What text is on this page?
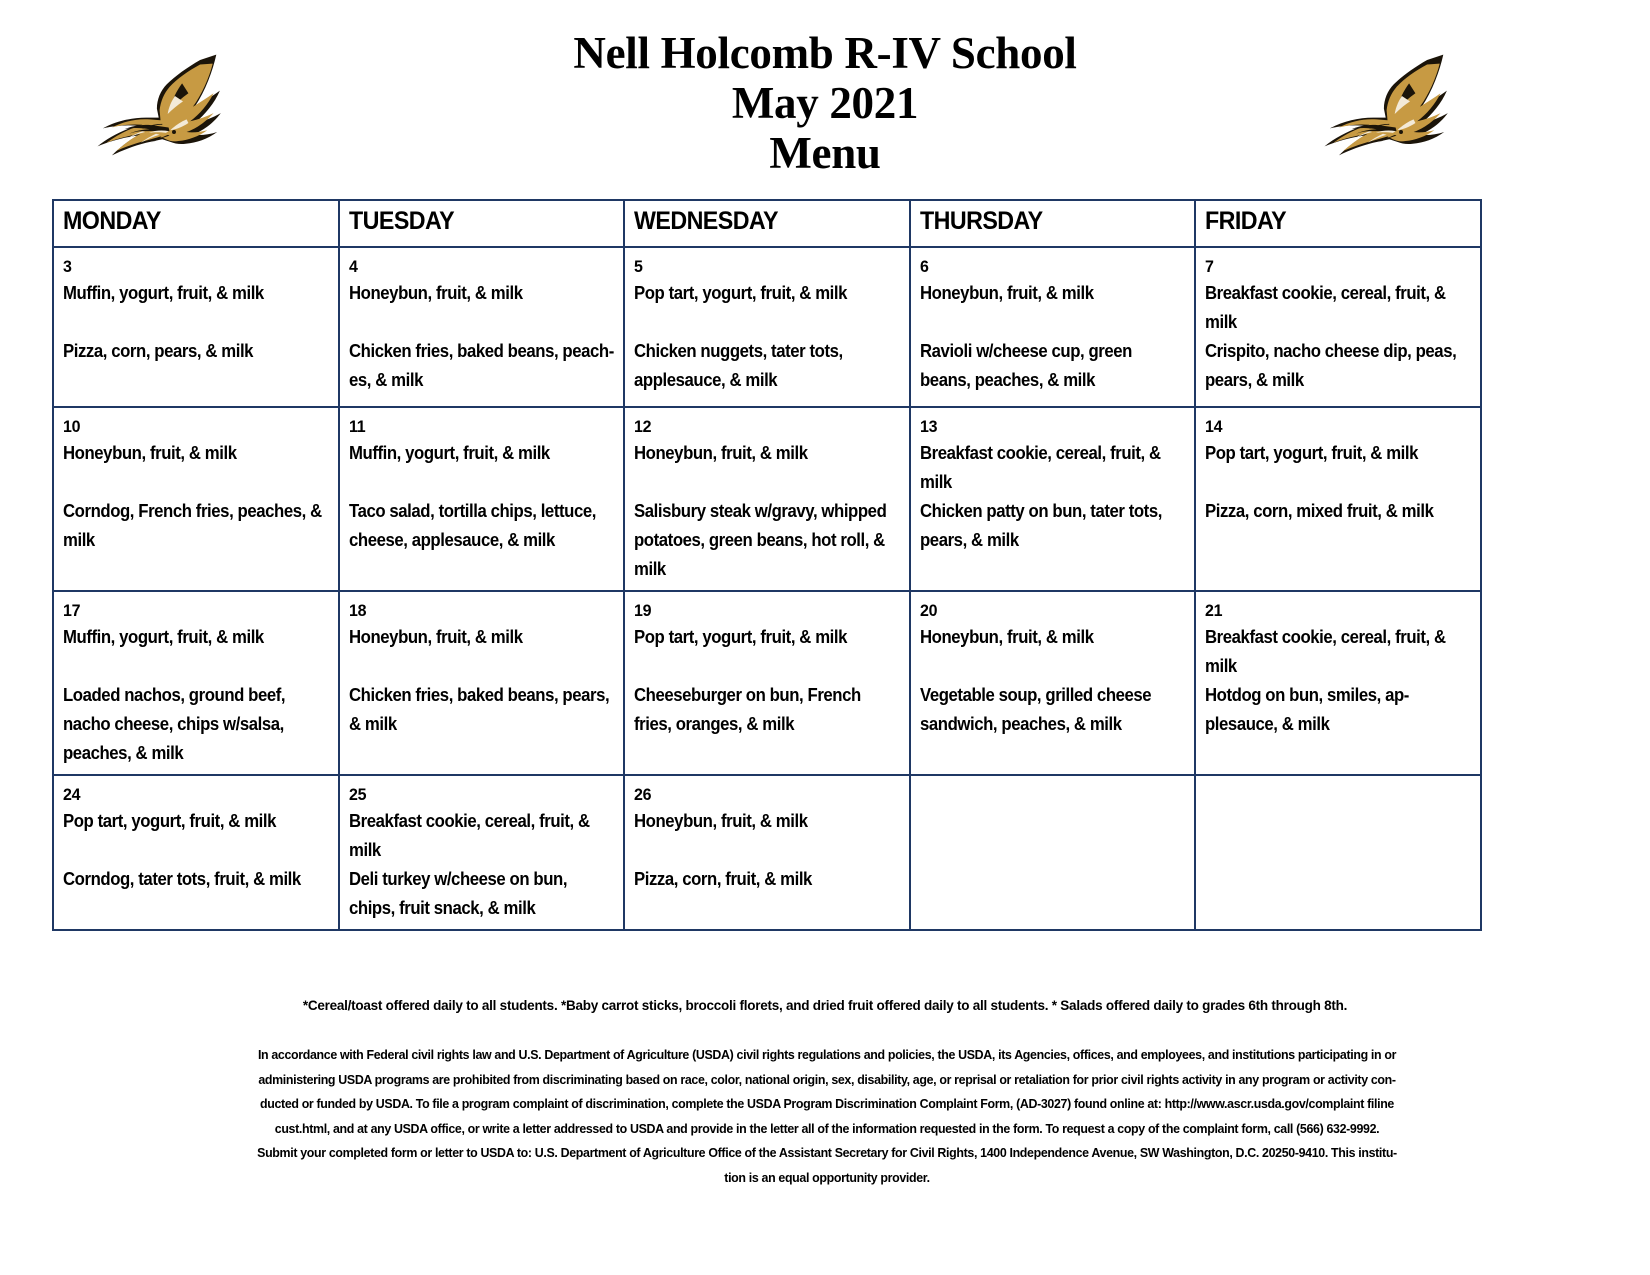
Nell Holcomb R-IV School
May 2021
Menu
MONDAY	TUESDAY	WEDNESDAY	THURSDAY	FRIDAY

3
Muffin, yogurt, fruit, & milk
Pizza, corn, pears, & milk	4
Honeybun, fruit, & milk
Chicken fries, baked beans, peach-es, & milk	5
Pop tart, yogurt, fruit, & milk
Chicken nuggets, tater tots, applesauce, & milk	6
Honeybun, fruit, & milk
Ravioli w/cheese cup, green beans, peaches, & milk	7
Breakfast cookie, cereal, fruit, & milk
Crispito, nacho cheese dip, peas, pears, & milk

10
Honeybun, fruit, & milk
Corndog, French fries, peaches, & milk	11
Muffin, yogurt, fruit, & milk
Taco salad, tortilla chips, lettuce, cheese, applesauce, & milk	12
Honeybun, fruit, & milk
Salisbury steak w/gravy, whipped potatoes, green beans, hot roll, & milk	13
Breakfast cookie, cereal, fruit, & milk
Chicken patty on bun, tater tots, pears, & milk	14
Pop tart, yogurt, fruit, & milk
Pizza, corn, mixed fruit, & milk

17
Muffin, yogurt, fruit, & milk
Loaded nachos, ground beef, nacho cheese, chips w/salsa, peaches, & milk	18
Honeybun, fruit, & milk
Chicken fries, baked beans, pears, & milk	19
Pop tart, yogurt, fruit, & milk
Cheeseburger on bun, French fries, oranges, & milk	20
Honeybun, fruit, & milk
Vegetable soup, grilled cheese sandwich, peaches, & milk	21
Breakfast cookie, cereal, fruit, & milk
Hotdog on bun, smiles, ap-plesauce, & milk

24
Pop tart, yogurt, fruit, & milk
Corndog, tater tots, fruit, & milk	25
Breakfast cookie, cereal, fruit, & milk
Deli turkey w/cheese on bun, chips, fruit snack, & milk	26
Honeybun, fruit, & milk
Pizza, corn, fruit, & milk		

*Cereal/toast offered daily to all students. *Baby carrot sticks, broccoli florets, and dried fruit offered daily to all students. * Salads offered daily to grades 6th through 8th.
In accordance with Federal civil rights law and U.S. Department of Agriculture (USDA) civil rights regulations and policies, the USDA, its Agencies, offices, and employees, and institutions participating in or
administering USDA programs are prohibited from discriminating based on race, color, national origin, sex, disability, age, or reprisal or retaliation for prior civil rights activity in any program or activity con-
ducted or funded by USDA. To file a program complaint of discrimination, complete the USDA Program Discrimination Complaint Form, (AD-3027) found online at: http://www.ascr.usda.gov/complaint filine
cust.html, and at any USDA office, or write a letter addressed to USDA and provide in the letter all of the information requested in the form. To request a copy of the complaint form, call (566) 632-9992.
Submit your completed form or letter to USDA to: U.S. Department of Agriculture Office of the Assistant Secretary for Civil Rights, 1400 Independence Avenue, SW Washington, D.C. 20250-9410. This institu-
tion is an equal opportunity provider.
